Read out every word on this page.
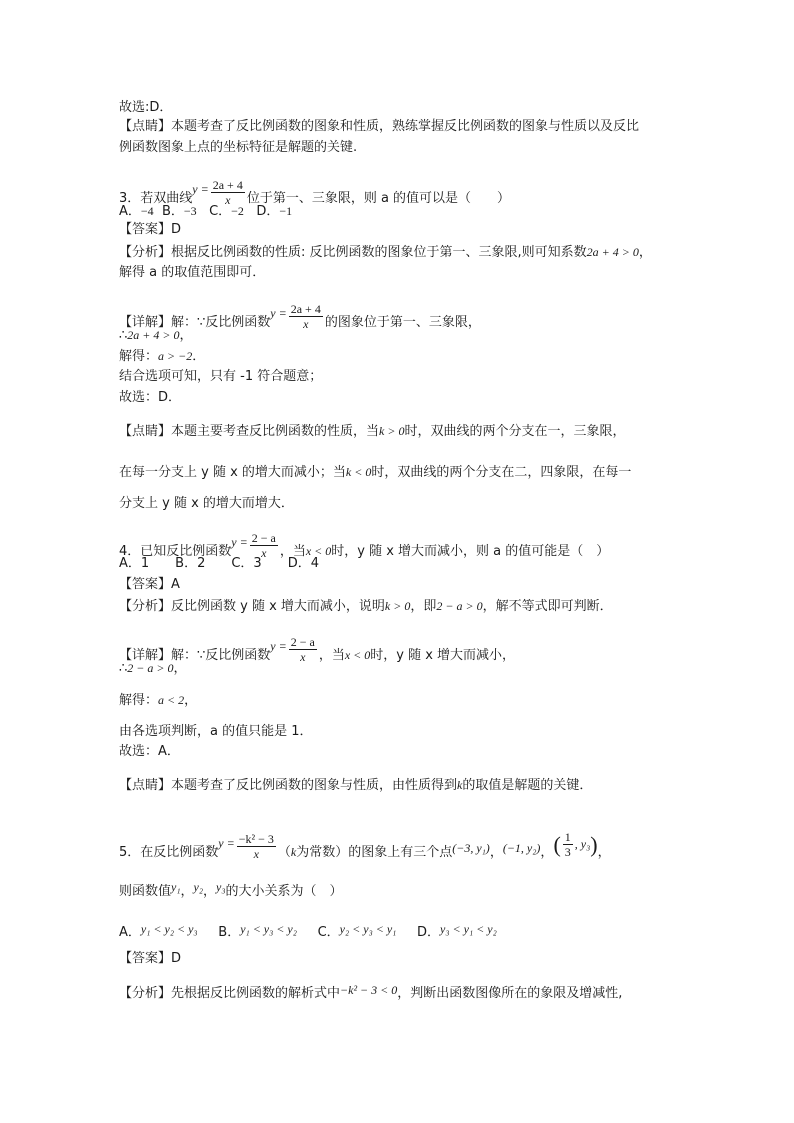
故选:D．
【点睛】本题考查了反比例函数的图象和性质，熟练掌握反比例函数的图象与性质以及反比
例函数图象上点的坐标特征是解题的关键.
3．若双曲线$y = \frac{2a + 4}{x}$ 位于第一、三象限，则 a 的值可以是（　　）
A．−4 B．−3 C．−2 D．−1
【答案】D
【分析】根据反比例函数的性质: 反比例函数的图象位于第一、三象限,则可知系数2a + 4 > 0，
解得 a 的取值范围即可．
【详解】解：∵反比例函数$y = \frac{2a + 4}{x}$ 的图象位于第一、三象限，
∴2a + 4 > 0，
解得：a > −2．
结合选项可知，只有 -1 符合题意；
故选：D．
【点睛】本题主要考查反比例函数的性质，当k > 0时，双曲线的两个分支在一，三象限，
在每一分支上 y 随 x 的增大而减小；当k < 0时，双曲线的两个分支在二，四象限，在每一
分支上 y 随 x 的增大而增大．
4．已知反比例函数$y = \frac{2 - a}{x}$ ，当x < 0时，y 随 x 增大而减小，则 a 的值可能是（　）
A．1　　B．2　　C．3　　D．4
【答案】A
【分析】反比例函数 y 随 x 增大而减小，说明k > 0，即2 − a > 0，解不等式即可判断．
【详解】解：∵反比例函数$y = \frac{2 - a}{x}$ ，当x < 0时，y 随 x 增大而减小，
∴2 − a > 0，
解得：a < 2，
由各选项判断，a 的值只能是 1．
故选：A．
【点睛】本题考查了反比例函数的图象与性质，由性质得到k的取值是解题的关键．
5．在反比例函数$y = \frac{\text{−k² − 3}}{x} (k$为常数）的图象上有三个点(−3, y₁)，(−1, y₂)，( $\frac{1}{3}$ , y₃)，
则函数值y₁，y₂，y₃的大小关系为（　）
A．y₁ < y₂ < y₃ B．y₁ < y₃ < y₂ C．y₂ < y₃ < y₁ D．y₃ < y₁ < y₂
【答案】D
【分析】先根据反比例函数的解析式中−k² − 3 < 0，判断出函数图像所在的象限及增减性,
